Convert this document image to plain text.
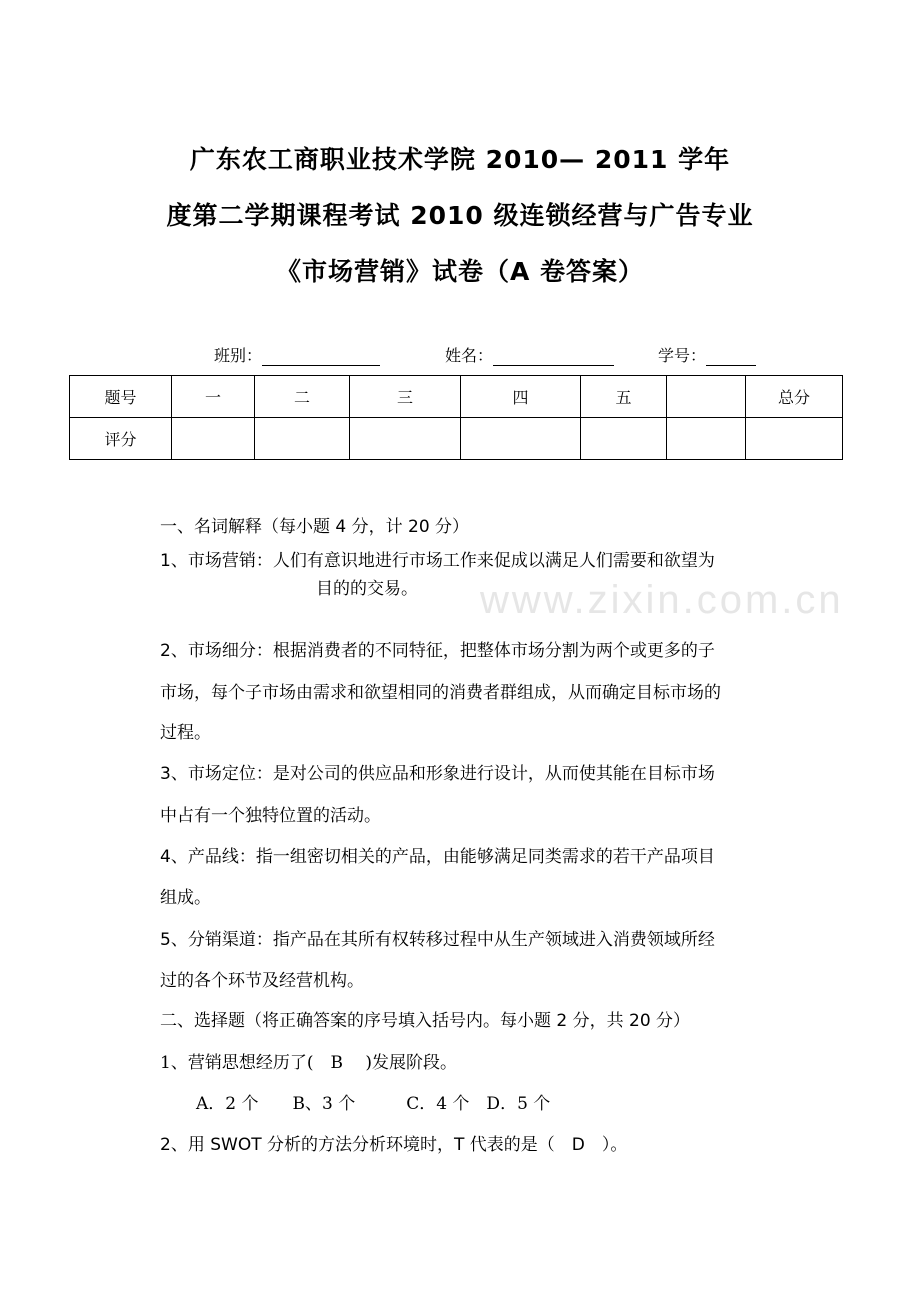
广东农工商职业技术学院 2010— 2011 学年
度第二学期课程考试 2010 级连锁经营与广告专业
《市场营销》试卷（A 卷答案）
班别：	姓名：	学号：
题号	一	二	三	四	五		总分
评分							
www.zixin.com.cn
一、名词解释（每小题 4 分，计 20 分）
1、市场营销：人们有意识地进行市场工作来促成以满足人们需要和欲望为
目的的交易。
2、市场细分：根据消费者的不同特征，把整体市场分割为两个或更多的子
市场，每个子市场由需求和欲望相同的消费者群组成，从而确定目标市场的
过程。
3、市场定位：是对公司的供应品和形象进行设计，从而使其能在目标市场
中占有一个独特位置的活动。
4、产品线：指一组密切相关的产品，由能够满足同类需求的若干产品项目
组成。
5、分销渠道：指产品在其所有权转移过程中从生产领域进入消费领域所经
过的各个环节及经营机构。
二、选择题（将正确答案的序号填入括号内。每小题 2 分，共 20 分）
1、营销思想经历了(　B　 )发展阶段。
A．2 个　　B、3 个　　　C．4 个　D．5 个
2、用 SWOT 分析的方法分析环境时，T 代表的是（　D　）。
